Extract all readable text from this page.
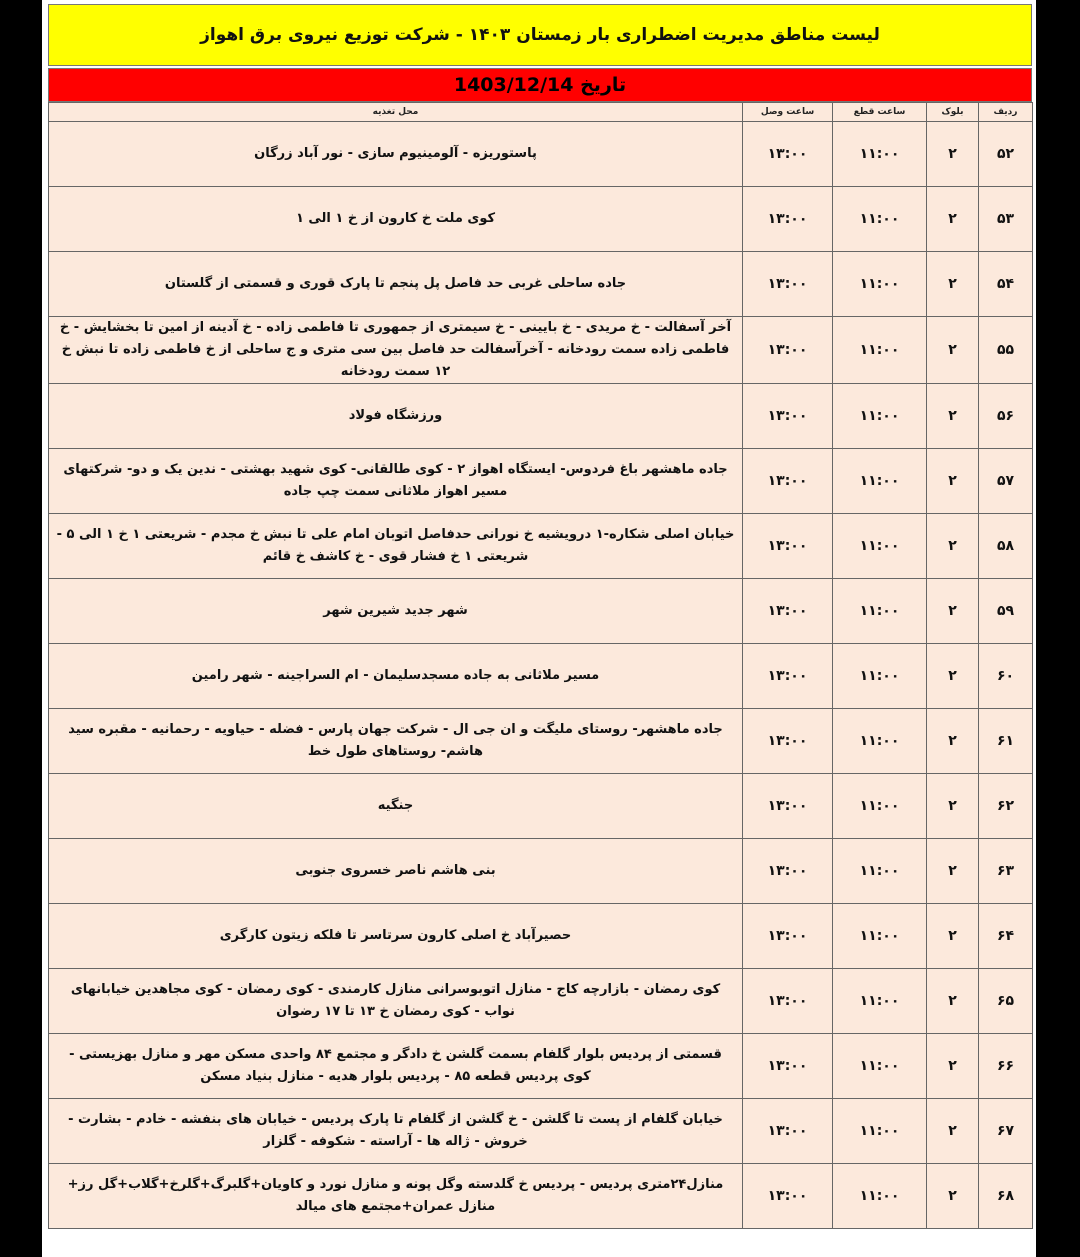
لیست مناطق مدیریت اضطراری بار زمستان ۱۴۰۳ - شرکت توزیع نیروی برق اهواز
تاریخ 1403/12/14
ردیف	بلوک	ساعت قطع	ساعت وصل	محل تغذیه
۵۲	۲	۱۱:۰۰	۱۳:۰۰	پاستوریزه - آلومینیوم سازی - نور آباد زرگان
۵۳	۲	۱۱:۰۰	۱۳:۰۰	کوی ملت خ کارون از خ ۱ الی ۱
۵۴	۲	۱۱:۰۰	۱۳:۰۰	جاده ساحلی غربی حد فاصل پل پنجم تا پارک قوری و قسمتی از گلستان
۵۵	۲	۱۱:۰۰	۱۳:۰۰	آخر آسفالت - خ مریدی - خ بایینی - خ سیمتری از جمهوری تا فاطمی زاده - خ آدینه از امین تا بخشایش - خ فاطمی زاده سمت رودخانه - آخرآسفالت حد فاصل بین سی متری و ج ساحلی از خ فاطمی زاده تا نبش خ ۱۲ سمت رودخانه
۵۶	۲	۱۱:۰۰	۱۳:۰۰	ورزشگاه فولاد
۵۷	۲	۱۱:۰۰	۱۳:۰۰	جاده ماهشهر باغ فردوس- ایستگاه اهواز ۲ - کوی طالقانی- کوی شهید بهشتی - ندین یک و دو- شرکتهای مسیر اهواز ملاثانی سمت چپ جاده
۵۸	۲	۱۱:۰۰	۱۳:۰۰	خیابان اصلی شکاره-۱ درویشیه خ نورانی حدفاصل اتوبان امام علی تا نبش خ مجدم - شریعتی ۱ خ ۱ الی ۵ - شریعتی ۱ خ فشار قوی - خ کاشف خ قائم
۵۹	۲	۱۱:۰۰	۱۳:۰۰	شهر جدید شیرین شهر
۶۰	۲	۱۱:۰۰	۱۳:۰۰	مسیر ملاثانی به جاده مسجدسلیمان - ام السراجینه - شهر رامین
۶۱	۲	۱۱:۰۰	۱۳:۰۰	جاده ماهشهر- روستای ملیگت و ان جی ال - شرکت جهان پارس - فضله - حیاویه - رحمانیه - مقبره سید هاشم- روستاهای طول خط
۶۲	۲	۱۱:۰۰	۱۳:۰۰	جنگیه
۶۳	۲	۱۱:۰۰	۱۳:۰۰	بنی هاشم ناصر خسروی جنوبی
۶۴	۲	۱۱:۰۰	۱۳:۰۰	حصیرآباد خ اصلی کارون سرتاسر تا فلکه زیتون کارگری
۶۵	۲	۱۱:۰۰	۱۳:۰۰	کوی رمضان - بازارچه کاج - منازل اتوبوسرانی منازل کارمندی - کوی رمضان - کوی مجاهدین خیابانهای نواب - کوی رمضان خ ۱۳ تا ۱۷ رضوان
۶۶	۲	۱۱:۰۰	۱۳:۰۰	قسمتی از پردیس بلوار گلفام بسمت گلشن خ دادگر و مجتمع ۸۴ واحدی مسکن مهر و منازل بهزیستی - کوی پردیس قطعه ۸۵ - پردیس بلوار هدیه - منازل بنیاد مسکن
۶۷	۲	۱۱:۰۰	۱۳:۰۰	خیابان گلفام از پست تا گلشن - خ گلشن از گلفام تا پارک پردیس - خیابان های بنفشه - خادم - بشارت - خروش - ژاله ها - آراسته - شکوفه - گلزار
۶۸	۲	۱۱:۰۰	۱۳:۰۰	منازل۲۴متری پردیس - پردیس خ گلدسته وگل پونه و منازل نورد و کاویان+گلبرگ+گلرخ+گلاب+گل رز+ منازل عمران+مجتمع های میالد
